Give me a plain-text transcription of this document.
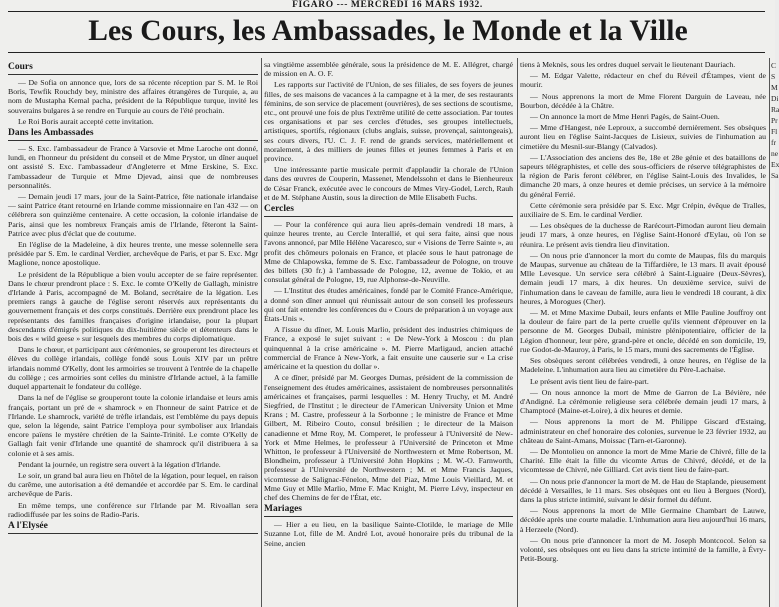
FIGARO --- MERCREDI 16 MARS 1932.
Les Cours, les Ambassades, le Monde et la Ville
Cours

— De Sofia on annonce que, lors de sa récente réception par S. M. le Roi Boris, Tewfik Rouchdy bey, ministre des affaires étrangères de Turquie, a, au nom de Mustapha Kemal pacha, président de la République turque, invité les souverains bulgares à se rendre en Turquie au cours de l'été prochain.

Le Roi Boris aurait accepté cette invitation.

Dans les Ambassades

— S. Exc. l'ambassadeur de France à Varsovie et Mme Laroche ont donné, lundi, en l'honneur du président du conseil et de Mme Prystor, un dîner auquel ont assisté S. Exc. l'ambassadeur d'Angleterre et Mme Erskine, S. Exc. l'ambassadeur de Turquie et Mme Djevad, ainsi que de nombreuses personnalités.

— Demain jeudi 17 mars, jour de la Saint-Patrice, fête nationale irlandaise — saint Patrice étant retourné en Irlande comme missionnaire en l'an 432 — on célébrera son quinzième centenaire. A cette occasion, la colonie irlandaise de Paris, ainsi que les nombreux Français amis de l'Irlande, fêteront la Saint-Patrice avec plus d'éclat que de coutume.

En l'église de la Madeleine, à dix heures trente, une messe solennelle sera présidée par S. Em. le cardinal Verdier, archevêque de Paris, et par S. Exc. Mgr Maglione, nonce apostolique.

Le président de la République a bien voulu accepter de se faire représenter. Dans le chœur prendront place : S. Exc. le comte O'Kelly de Gallagh, ministre d'Irlande à Paris, accompagné de M. Boland, secrétaire de la légation. Les premiers rangs à gauche de l'église seront réservés aux représentants du gouvernement français et des corps constitués. Derrière eux prendront place les représentants des familles françaises d'origine irlandaise, pour la plupart descendants d'émigrés politiques du dix-huitième siècle et détenteurs dans le bois des « wild geese » sur lesquels des membres du corps diplomatique.

Dans le chœur, et participant aux cérémonies, se grouperont les directeurs et élèves du collège irlandais, collège fondé sous Louis XIV par un prêtre irlandais nommé O'Kelly, dont les armoiries se trouvent à l'entrée de la chapelle du collège ; ces armoiries sont celles du ministre d'Irlande actuel, à la famille duquel appartenait le fondateur du collège.

Dans la nef de l'église se grouperont toute la colonie irlandaise et leurs amis français, portant un pré de « shamrock » en l'honneur de saint Patrice et de l'Irlande. Le shamrock, variété de trèfle irlandais, est l'emblème du pays depuis que, selon la légende, saint Patrice l'employa pour symboliser aux Irlandais encore païens le mystère chrétien de la Sainte-Trinité. Le comte O'Kelly de Gallagh fait venir d'Irlande une quantité de shamrock qu'il distribuera à sa colonie et à ses amis.

Pendant la journée, un registre sera ouvert à la légation d'Irlande.

Le soir, un grand bal aura lieu en l'hôtel de la légation, pour lequel, en raison du carême, une autorisation a été demandée et accordée par S. Em. le cardinal archevêque de Paris.

En même temps, une conférence sur l'Irlande par M. Rivoallan sera radiodiffusée par les soins de Radio-Paris.

A l'Elysée

sa vingtième assemblée générale, sous la présidence de M. E. Allégret, chargé de mission en A. O. F.

Les rapports sur l'activité de l'Union, de ses filiales, de ses foyers de jeunes filles, de ses maisons de vacances à la campagne et à la mer, de ses restaurants féminins, de son service de placement (ouvrières), de ses sections de scoutisme, etc., ont prouvé une fois de plus l'extrême utilité de cette association. Par toutes ces organisations et par ses cercles d'études, ses groupes intellectuels, artistiques, sportifs, régionaux (clubs anglais, suisse, provençal, saintongeais), ses cours divers, l'U. C. J. F. rend de grands services, matériellement et moralement, à des milliers de jeunes filles et jeunes femmes à Paris et en province.

Une intéressante partie musicale permit d'applaudir la chorale de l'Union dans des œuvres de Couperin, Massenet, Mendelssohn et dans le Bienheureux de César Franck, exécutée avec le concours de Mmes Viry-Godel, Lerch, Rauh et de M. Stéphane Austin, sous la direction de Mlle Elisabeth Fuchs.

Cercles

— Pour la conférence qui aura lieu après-demain vendredi 18 mars, à quinze heures trente, au Cercle Interallié, et qui sera faite, ainsi que nous l'avons annoncé, par Mlle Hélène Vacaresco, sur « Visions de Terre Sainte », au profit des chômeurs polonais en France, et placée sous le haut patronage de Mme de Chlapowska, femme de S. Exc. l'ambassadeur de Pologne, on trouve des billets (30 fr.) à l'ambassade de Pologne, 12, avenue de Tokio, et au consulat général de Pologne, 19, rue Alphonse-de-Neuville.

— L'Institut des études américaines, fondé par le Comité France-Amérique, a donné son dîner annuel qui réunissait autour de son conseil les professeurs qui ont fait entendre les conférences du « Cours de préparation à un voyage aux États-Unis ».

A l'issue du dîner, M. Louis Marlio, président des industries chimiques de France, a exposé le sujet suivant : « De New-York à Moscou : du plan quinquennal à la crise américaine ». M. Pierre Marligaud, ancien attaché commercial de France à New-York, a fait ensuite une causerie sur « La crise américaine et la question du dollar ».

A ce dîner, présidé par M. Georges Dumas, président de la commission de l'enseignement des études américaines, assistaient de nombreuses personnalités américaines et françaises, parmi lesquelles : M. Henry Truchy, et M. André Siegfried, de l'Institut ; le directeur de l'American University Union et Mme Krans ; M. Castre, professeur à la Sorbonne ; le ministre de France et Mme Gilbert, M. Ribeiro Couto, consul brésilien ; le directeur de la Maison canadienne et Mme Roy, M. Comperet, le professeur à l'Université de New-York et Mme Helmes, le professeur à l'Université de Princeton et Mme Whitton, le professeur à l'Université de Northwestern et Mme Robertson, M. Blondheim, professeur à l'Université John Hopkins ; M. W.-O. Farnworth, professeur à l'Université de Northwestern ; M. et Mme Francis Jaques, vicomtesse de Salignac-Fénelon, Mme del Piaz, Mme Louis Vieillard, M. et Mme Guy et Mlle Marlio, Mme F. Mac Knight, M. Pierre Lévy, inspecteur en chef des Chemins de fer de l'État, etc.

Mariages

— Hier a eu lieu, en la basilique Sainte-Clotilde, le mariage de Mlle Suzanne Lot, fille de M. André Lot, avoué honoraire près du tribunal de la Seine, ancien

tiens à Meknès, sous les ordres duquel servait le lieutenant Dauriach.

— M. Edgar Valette, rédacteur en chef du Réveil d'Étampes, vient de mourir.

— Nous apprenons la mort de Mme Florent Darguin de Laveau, née Bourbon, décédée à la Châtre.

— On annonce la mort de Mme Henri Pagès, de Saint-Ouen.

— Mme d'Hangest, née Leproux, a succombé dernièrement. Ses obsèques auront lieu en l'église Saint-Jacques de Lisieux, suivies de l'inhumation au cimetière du Mesnil-sur-Blangy (Calvados).

— L'Association des anciens des 8e, 18e et 28e génie et des bataillons de sapeurs télégraphistes, et celle des sous-officiers de réserve télégraphistes de la région de Paris feront célébrer, en l'église Saint-Louis des Invalides, le dimanche 20 mars, à onze heures et demie précises, un service à la mémoire du général Ferrié.

Cette cérémonie sera présidée par S. Exc. Mgr Crépin, évêque de Tralles, auxiliaire de S. Em. le cardinal Verdier.

— Les obsèques de la duchesse de Rarécourt-Pimodan auront lieu demain jeudi 17 mars, à onze heures, en l'église Saint-Honoré d'Eylau, où l'on se réunira. Le présent avis tiendra lieu d'invitation.

— On nous prie d'annoncer la mort du comte de Maupas, fils du marquis de Maupas, survenue au château de la Tiffardière, le 13 mars. Il avait épousé Mlle Levesque. Un service sera célébré à Saint-Liguaire (Deux-Sèvres), demain jeudi 17 mars, à dix heures. Un deuxième service, suivi de l'inhumation dans le caveau de famille, aura lieu le vendredi 18 courant, à dix heures, à Morogues (Cher).

— M. et Mme Maxime Dubail, leurs enfants et Mlle Pauline Jouffroy ont la douleur de faire part de la perte cruelle qu'ils viennent d'éprouver en la personne de M. Georges Dubail, ministre plénipotentiaire, officier de la Légion d'honneur, leur père, grand-père et oncle, décédé en son domicile, 19, rue Godot-de-Mauroy, à Paris, le 15 mars, muni des sacrements de l'Église.

Ses obsèques seront célébrées vendredi, à onze heures, en l'église de la Madeleine. L'inhumation aura lieu au cimetière du Père-Lachaise.

Le présent avis tient lieu de faire-part.

— On nous annonce la mort de Mme de Garron de La Bévière, née d'Andigné. La cérémonie religieuse sera célébrée demain jeudi 17 mars, à Champtocé (Maine-et-Loire), à dix heures et demie.

— Nous apprenons la mort de M. Philippe Giscard d'Estaing, administrateur en chef honoraire des colonies, survenue le 23 février 1932, au château de Saint-Amans, Moissac (Tarn-et-Garonne).

— De Montolieu on annonce la mort de Mme Marie de Chivré, fille de la Charité. Elle était la fille du vicomte Artus de Chivré, décédé, et de la vicomtesse de Chivré, née Gilliard. Cet avis tient lieu de faire-part.

— On nous prie d'annoncer la mort de M. de Hau de Staplande, pieusement décédé à Versailles, le 11 mars. Ses obsèques ont eu lieu à Bergues (Nord), dans la plus stricte intimité, suivant le désir formel du défunt.

— Nous apprenons la mort de Mlle Germaine Chambart de Lauwe, décédée après une courte maladie. L'inhumation aura lieu aujourd'hui 16 mars, à Herzeele (Nord).

— On nous prie d'annoncer la mort de M. Joseph Montcocol. Selon sa volonté, ses obsèques ont eu lieu dans la stricte intimité de la famille, à Évry-Petit-Bourg.

C
S
M
Di
Ra
Pr
Fl
fr
ne
Ex
Sa
